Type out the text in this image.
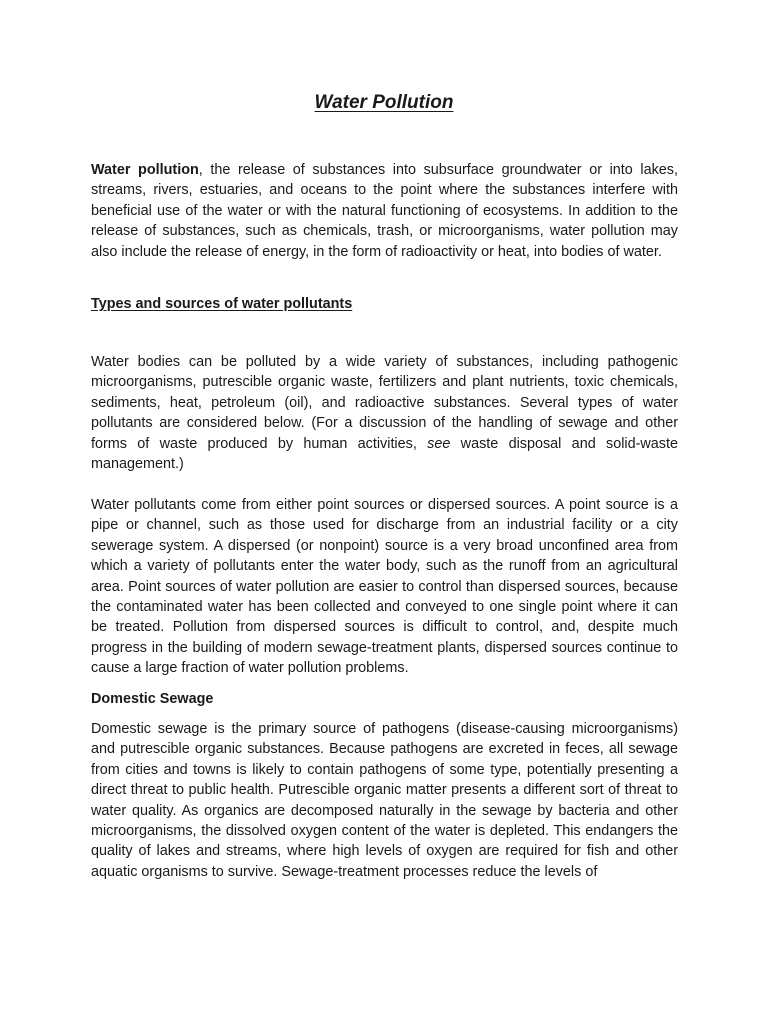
Water Pollution

Water pollution, the release of substances into subsurface groundwater or into lakes, streams, rivers, estuaries, and oceans to the point where the substances interfere with beneficial use of the water or with the natural functioning of ecosystems. In addition to the release of substances, such as chemicals, trash, or microorganisms, water pollution may also include the release of energy, in the form of radioactivity or heat, into bodies of water.

Types and sources of water pollutants

Water bodies can be polluted by a wide variety of substances, including pathogenic microorganisms, putrescible organic waste, fertilizers and plant nutrients, toxic chemicals, sediments, heat, petroleum (oil), and radioactive substances. Several types of water pollutants are considered below. (For a discussion of the handling of sewage and other forms of waste produced by human activities, see waste disposal and solid-waste management.)

Water pollutants come from either point sources or dispersed sources. A point source is a pipe or channel, such as those used for discharge from an industrial facility or a city sewerage system. A dispersed (or nonpoint) source is a very broad unconfined area from which a variety of pollutants enter the water body, such as the runoff from an agricultural area. Point sources of water pollution are easier to control than dispersed sources, because the contaminated water has been collected and conveyed to one single point where it can be treated. Pollution from dispersed sources is difficult to control, and, despite much progress in the building of modern sewage-treatment plants, dispersed sources continue to cause a large fraction of water pollution problems.

Domestic Sewage

Domestic sewage is the primary source of pathogens (disease-causing microorganisms) and putrescible organic substances. Because pathogens are excreted in feces, all sewage from cities and towns is likely to contain pathogens of some type, potentially presenting a direct threat to public health. Putrescible organic matter presents a different sort of threat to water quality. As organics are decomposed naturally in the sewage by bacteria and other microorganisms, the dissolved oxygen content of the water is depleted. This endangers the quality of lakes and streams, where high levels of oxygen are required for fish and other aquatic organisms to survive. Sewage-treatment processes reduce the levels of
